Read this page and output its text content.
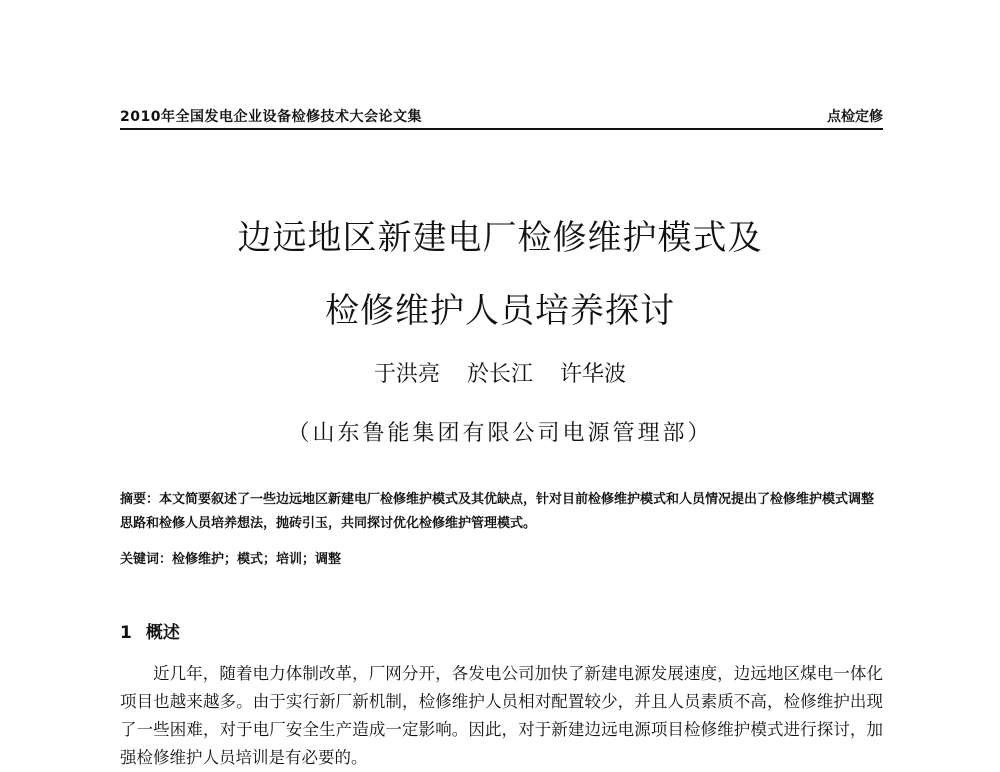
2010年全国发电企业设备检修技术大会论文集	点检定修
边远地区新建电厂检修维护模式及
检修维护人员培养探讨
于洪亮 於长江 许华波
（山东鲁能集团有限公司电源管理部）
摘要：本文简要叙述了一些边远地区新建电厂检修维护模式及其优缺点，针对目前检修维护模式和人员情况提出了检修维护模式调整思路和检修人员培养想法，抛砖引玉，共同探讨优化检修维护管理模式。
关键词：检修维护；模式；培训；调整
1 概述
近几年，随着电力体制改革，厂网分开，各发电公司加快了新建电源发展速度，边远地区煤电一体化项目也越来越多。由于实行新厂新机制，检修维护人员相对配置较少，并且人员素质不高，检修维护出现了一些困难，对于电厂安全生产造成一定影响。因此，对于新建边远电源项目检修维护模式进行探讨，加强检修维护人员培训是有必要的。
